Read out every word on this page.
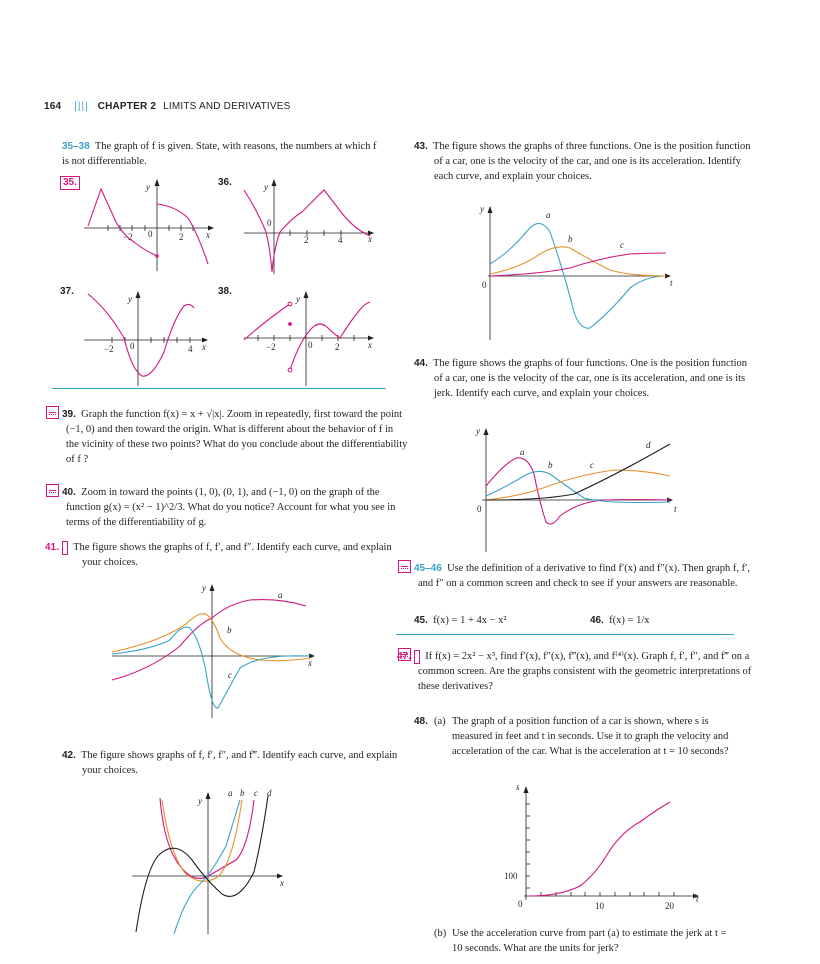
164 |||| CHAPTER 2 LIMITS AND DERIVATIVES

35–38 The graph of f is given. State, with reasons, the numbers at which f is not differentiable.

35.	36.
37.	38.
y
x
−2 0	2
y
x
0
2	4
y
x
−2 0	4
y
x
−2	0	2

39. Graph the function f(x) = x + √|x|. Zoom in repeatedly, first toward the point (−1, 0) and then toward the origin. What is different about the behavior of f in the vicinity of these two points? What do you conclude about the differentiability of f ?

40. Zoom in toward the points (1, 0), (0, 1), and (−1, 0) on the graph of the function g(x) = (x² − 1)^2/3. What do you notice? Account for what you see in terms of the differentiability of g.

41. The figure shows the graphs of f, f′, and f″. Identify each curve, and explain your choices.

y
x
a
b
c

42. The figure shows graphs of f, f′, f″, and f‴. Identify each curve, and explain your choices.

y
x
a b c d

43. The figure shows the graphs of three functions. One is the position function of a car, one is the velocity of the car, and one is its acceleration. Identify each curve, and explain your choices.

y
t
0
a
b
c

44. The figure shows the graphs of four functions. One is the position function of a car, one is the velocity of the car, one is its acceleration, and one is its jerk. Identify each curve, and explain your choices.

y
t
0
a
b	c
d

45–46 Use the definition of a derivative to find f′(x) and f″(x). Then graph f, f′, and f″ on a common screen and check to see if your answers are reasonable.

45. f(x) = 1 + 4x − x²	46. f(x) = 1/x

47. If f(x) = 2x² − x³, find f′(x), f″(x), f‴(x), and f⁽⁴⁾(x). Graph f, f′, f″, and f‴ on a common screen. Are the graphs consistent with the geometric interpretations of these derivatives?

48. (a) The graph of a position function of a car is shown, where s is measured in feet and t in seconds. Use it to graph the velocity and acceleration of the car. What is the acceleration at t = 10 seconds?
s
t
0
100
10	20
(b) Use the acceleration curve from part (a) to estimate the jerk at t = 10 seconds. What are the units for jerk?
